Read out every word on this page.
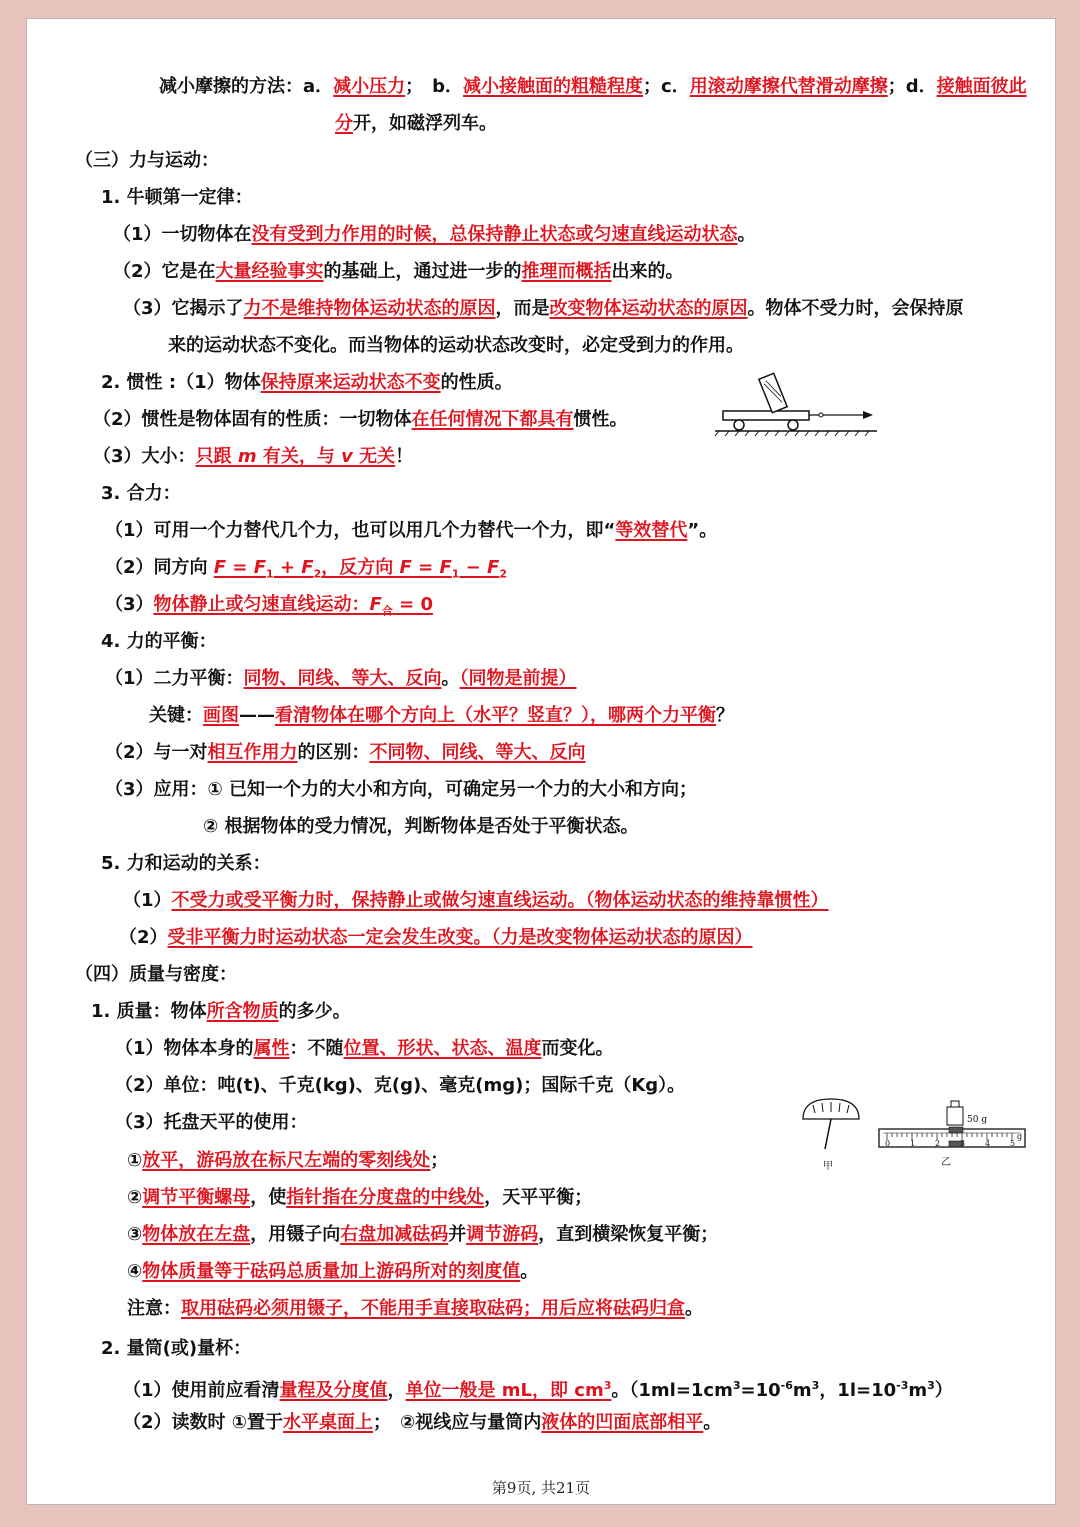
减小摩擦的方法：a．减小压力；　b．减小接触面的粗糙程度；c．用滚动摩擦代替滑动摩擦；d．接触面彼此
分开，如磁浮列车。
（三）力与运动：
1. 牛顿第一定律：
（1）一切物体在没有受到力作用的时候，总保持静止状态或匀速直线运动状态。
（2）它是在大量经验事实的基础上，通过进一步的推理而概括出来的。
（3）它揭示了力不是维持物体运动状态的原因，而是改变物体运动状态的原因。物体不受力时，会保持原
来的运动状态不变化。而当物体的运动状态改变时，必定受到力的作用。
2. 惯性 :（1）物体保持原来运动状态不变的性质。
（2）惯性是物体固有的性质：一切物体在任何情况下都具有惯性。
（3）大小：只跟 m 有关，与 v 无关！
3. 合力：
（1）可用一个力替代几个力，也可以用几个力替代一个力，即“等效替代”。
（2）同方向 $F = F_1 + F_2$，反方向 $F = F_1 - F_2$
（3）物体静止或匀速直线运动：$F_合 = 0$
4. 力的平衡：
（1）二力平衡：同物、同线、等大、反向。（同物是前提）
关键：画图——看清物体在哪个方向上（水平？竖直？），哪两个力平衡？
（2）与一对相互作用力的区别：不同物、同线、等大、反向
（3）应用：① 已知一个力的大小和方向，可确定另一个力的大小和方向；
② 根据物体的受力情况，判断物体是否处于平衡状态。
5. 力和运动的关系：
（1）不受力或受平衡力时，保持静止或做匀速直线运动。（物体运动状态的维持靠惯性）
（2）受非平衡力时运动状态一定会发生改变。（力是改变物体运动状态的原因）
（四）质量与密度：
1. 质量：物体所含物质的多少。
（1）物体本身的属性：不随位置、形状、状态、温度而变化。
（2）单位：吨(t)、千克(kg)、克(g)、毫克(mg)；国际千克（Kg）。
（3）托盘天平的使用：
甲
50 g
0 1 2 3 4 5
g
乙
①放平，游码放在标尺左端的零刻线处；
②调节平衡螺母，使指针指在分度盘的中线处，天平平衡；
③物体放在左盘，用镊子向右盘加减砝码并调节游码，直到横梁恢复平衡；
④物体质量等于砝码总质量加上游码所对的刻度值。
注意：取用砝码必须用镊子，不能用手直接取砝码；用后应将砝码归盒。
2. 量筒(或)量杯：
（1）使用前应看清量程及分度值，单位一般是 mL，即 $cm^3$。（$1ml=1cm^3=10^{-6}m^3$，$1l=10^{-3}m^3$）
（2）读数时 ①置于水平桌面上；　②视线应与量筒内液体的凹面底部相平。
第9页, 共21页
